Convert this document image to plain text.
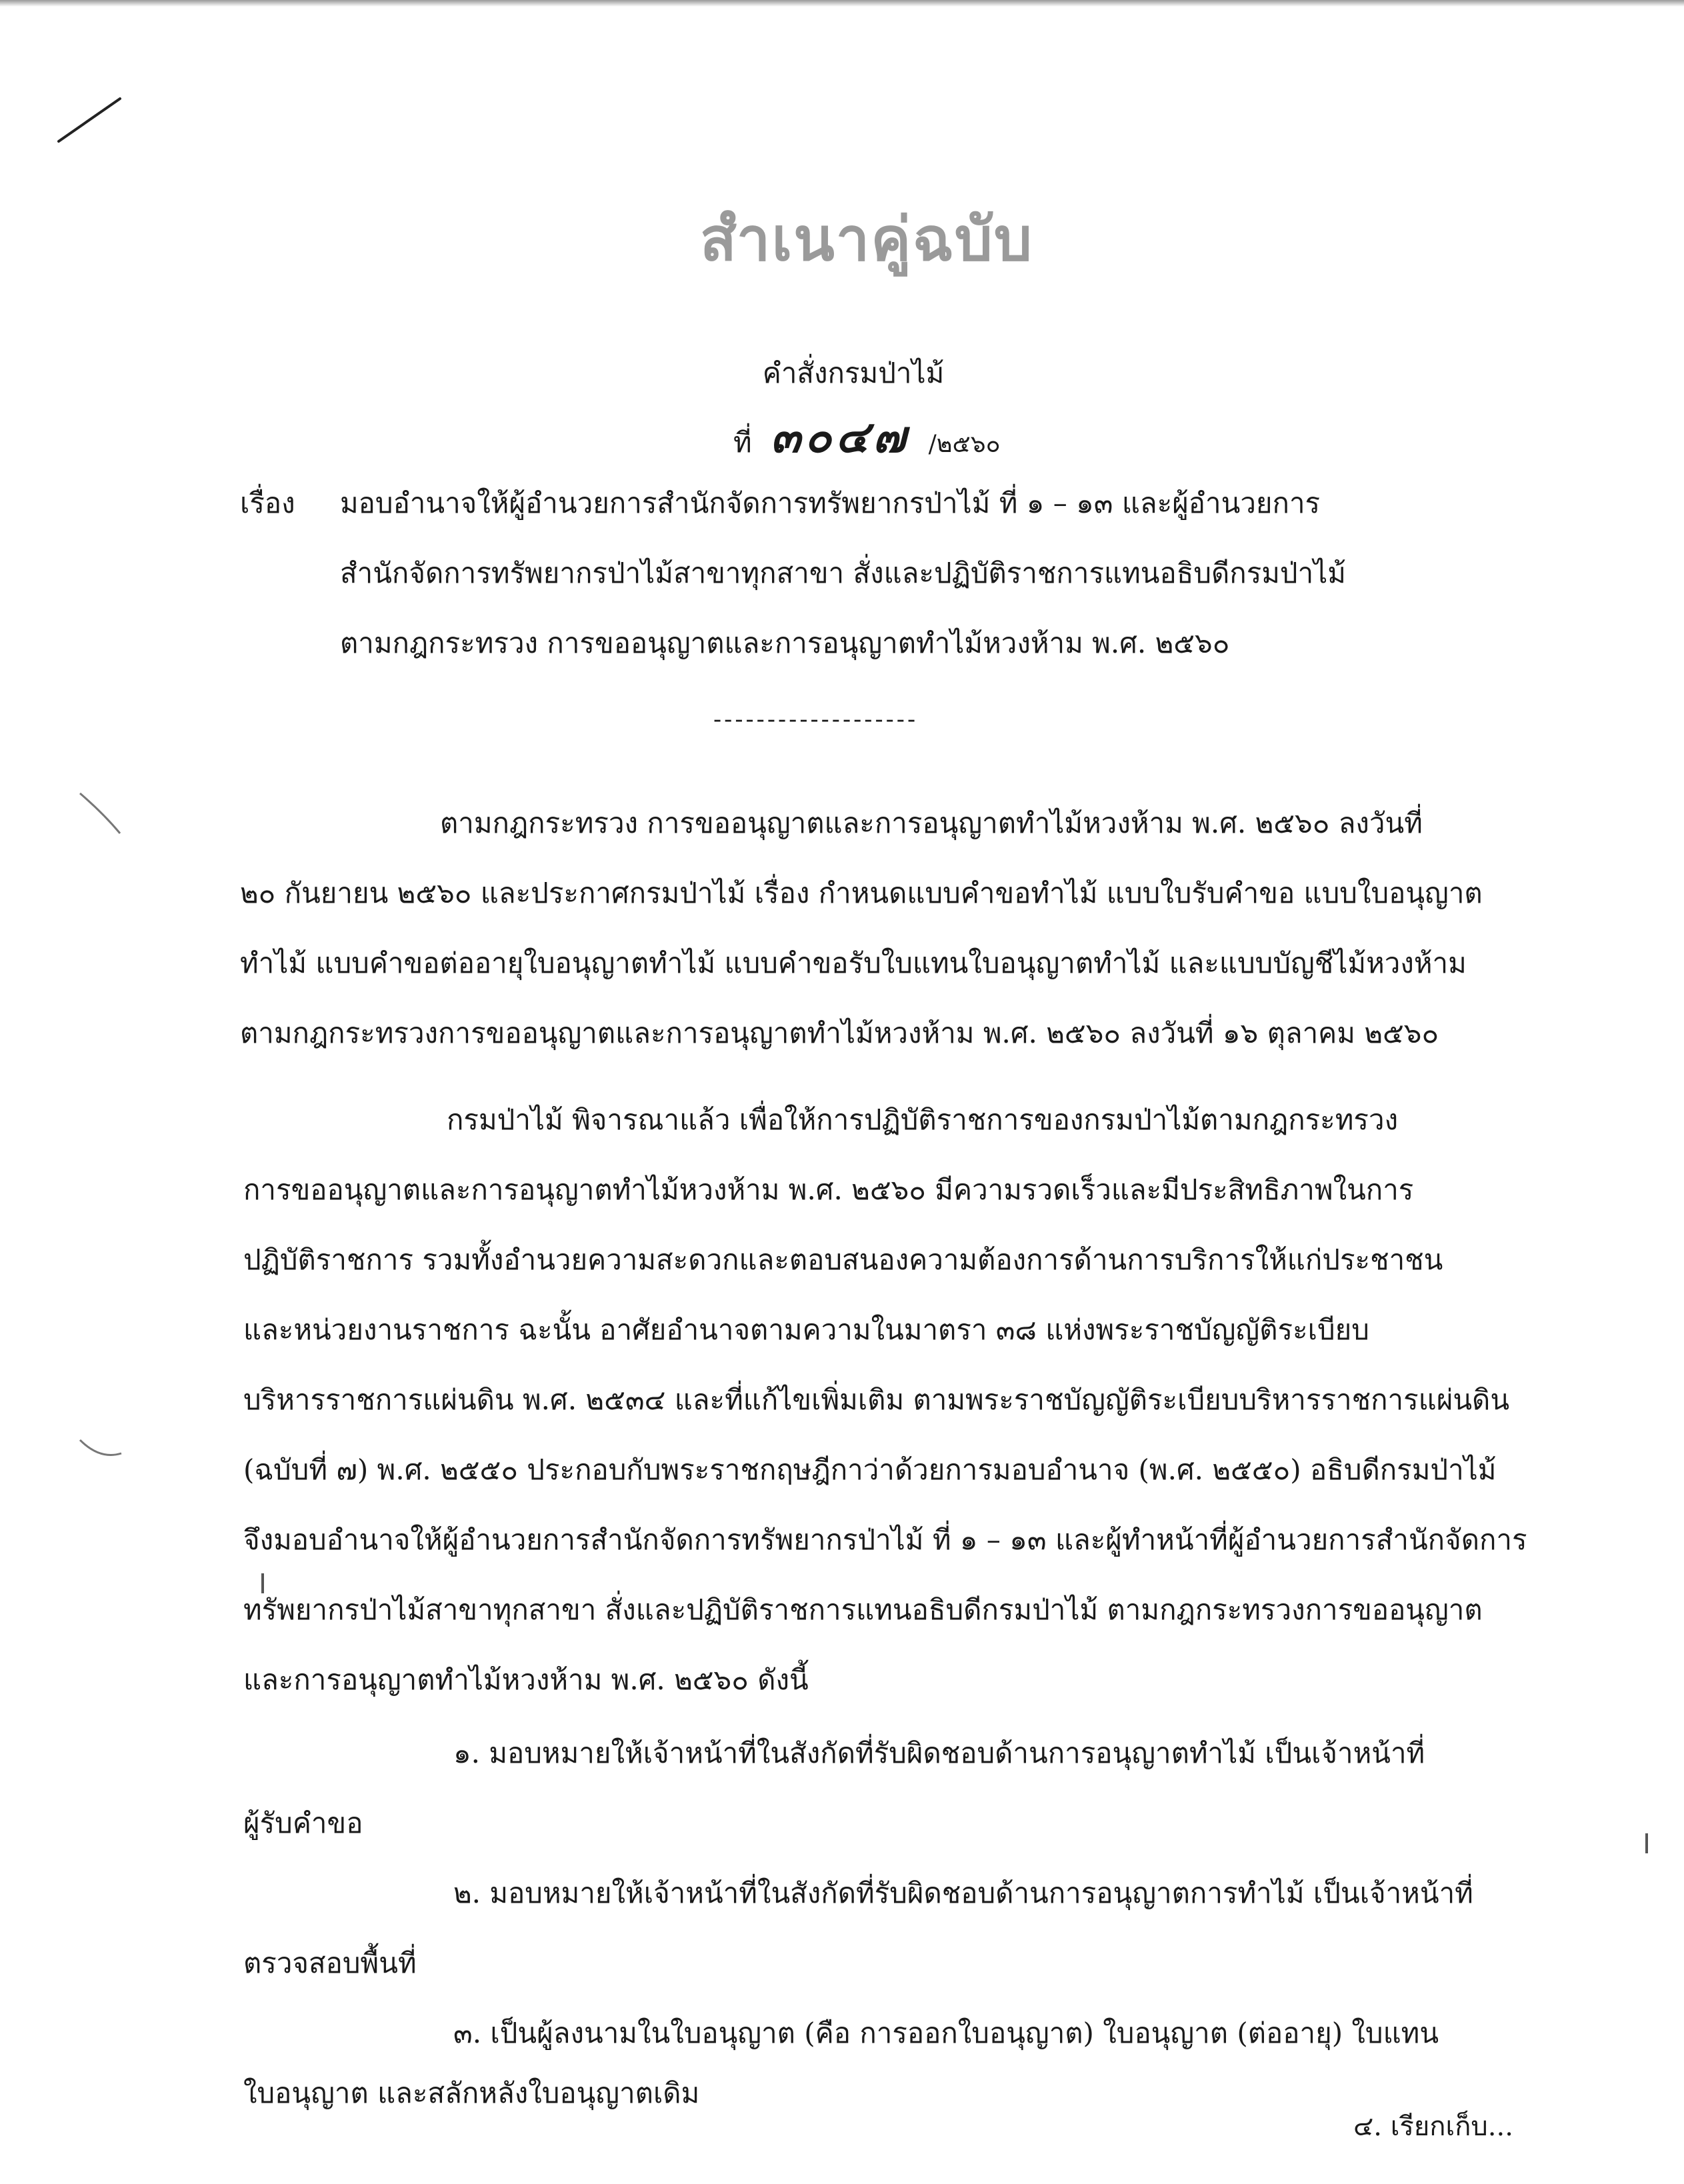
สำเนาคู่ฉบับ
คำสั่งกรมป่าไม้
ที่ ๓๐๔๗ /๒๕๖๐
เรื่อง มอบอำนาจให้ผู้อำนวยการสำนักจัดการทรัพยากรป่าไม้ ที่ ๑ – ๑๓ และผู้อำนวยการ
สำนักจัดการทรัพยากรป่าไม้สาขาทุกสาขา สั่งและปฏิบัติราชการแทนอธิบดีกรมป่าไม้
ตามกฎกระทรวง การขออนุญาตและการอนุญาตทำไม้หวงห้าม พ.ศ. ๒๕๖๐
-------------------
ตามกฎกระทรวง การขออนุญาตและการอนุญาตทำไม้หวงห้าม พ.ศ. ๒๕๖๐ ลงวันที่
๒๐ กันยายน ๒๕๖๐ และประกาศกรมป่าไม้ เรื่อง กำหนดแบบคำขอทำไม้ แบบใบรับคำขอ แบบใบอนุญาต
ทำไม้ แบบคำขอต่ออายุใบอนุญาตทำไม้ แบบคำขอรับใบแทนใบอนุญาตทำไม้ และแบบบัญชีไม้หวงห้าม
ตามกฎกระทรวงการขออนุญาตและการอนุญาตทำไม้หวงห้าม พ.ศ. ๒๕๖๐ ลงวันที่ ๑๖ ตุลาคม ๒๕๖๐
กรมป่าไม้ พิจารณาแล้ว เพื่อให้การปฏิบัติราชการของกรมป่าไม้ตามกฎกระทรวง
การขออนุญาตและการอนุญาตทำไม้หวงห้าม พ.ศ. ๒๕๖๐ มีความรวดเร็วและมีประสิทธิภาพในการ
ปฏิบัติราชการ รวมทั้งอำนวยความสะดวกและตอบสนองความต้องการด้านการบริการให้แก่ประชาชน
และหน่วยงานราชการ ฉะนั้น อาศัยอำนาจตามความในมาตรา ๓๘ แห่งพระราชบัญญัติระเบียบ
บริหารราชการแผ่นดิน พ.ศ. ๒๕๓๔ และที่แก้ไขเพิ่มเติม ตามพระราชบัญญัติระเบียบบริหารราชการแผ่นดิน
(ฉบับที่ ๗) พ.ศ. ๒๕๕๐ ประกอบกับพระราชกฤษฎีกาว่าด้วยการมอบอำนาจ (พ.ศ. ๒๕๕๐) อธิบดีกรมป่าไม้
จึงมอบอำนาจให้ผู้อำนวยการสำนักจัดการทรัพยากรป่าไม้ ที่ ๑ – ๑๓ และผู้ทำหน้าที่ผู้อำนวยการสำนักจัดการ
ทรัพยากรป่าไม้สาขาทุกสาขา สั่งและปฏิบัติราชการแทนอธิบดีกรมป่าไม้ ตามกฎกระทรวงการขออนุญาต
และการอนุญาตทำไม้หวงห้าม พ.ศ. ๒๕๖๐ ดังนี้
๑. มอบหมายให้เจ้าหน้าที่ในสังกัดที่รับผิดชอบด้านการอนุญาตทำไม้ เป็นเจ้าหน้าที่
ผู้รับคำขอ
๒. มอบหมายให้เจ้าหน้าที่ในสังกัดที่รับผิดชอบด้านการอนุญาตการทำไม้ เป็นเจ้าหน้าที่
ตรวจสอบพื้นที่
๓. เป็นผู้ลงนามในใบอนุญาต (คือ การออกใบอนุญาต) ใบอนุญาต (ต่ออายุ) ใบแทน
ใบอนุญาต และสลักหลังใบอนุญาตเดิม
๔. เรียกเก็บ...
